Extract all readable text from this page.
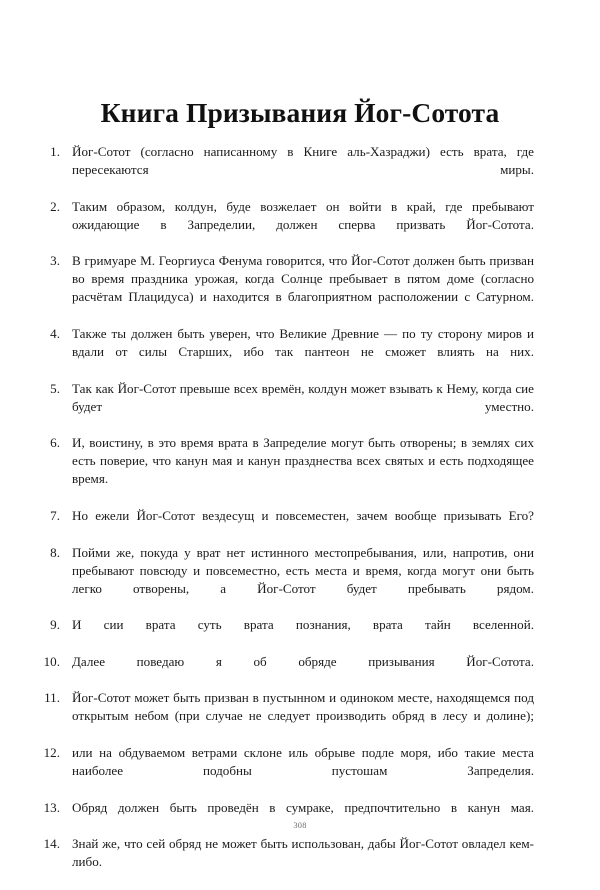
Книга Призывания Йог-Сотота
1. Йог-Сотот (согласно написанному в Книге аль-Хазраджи) есть врата, где пересекаются миры.
2. Таким образом, колдун, буде возжелает он войти в край, где пребывают ожидающие в Запределии, должен сперва призвать Йог-Сотота.
3. В гримуаре М. Георгиуса Фенума говорится, что Йог-Сотот должен быть призван во время праздника урожая, когда Солнце пребывает в пятом доме (согласно расчётам Плацидуса) и находится в благоприятном расположении с Сатурном.
4. Также ты должен быть уверен, что Великие Древние — по ту сторону миров и вдали от силы Старших, ибо так пантеон не сможет влиять на них.
5. Так как Йог-Сотот превыше всех времён, колдун может взывать к Нему, когда сие будет уместно.
6. И, воистину, в это время врата в Запределие могут быть отворены; в землях сих есть поверие, что канун мая и канун празднества всех святых и есть подходящее время.
7. Но ежели Йог-Сотот вездесущ и повсеместен, зачем вообще призывать Его?
8. Пойми же, покуда у врат нет истинного местопребывания, или, напротив, они пребывают повсюду и повсеместно, есть места и время, когда могут они быть легко отворены, а Йог-Сотот будет пребывать рядом.
9. И сии врата суть врата познания, врата тайн вселенной.
10. Далее поведаю я об обряде призывания Йог-Сотота.
11. Йог-Сотот может быть призван в пустынном и одиноком месте, находящемся под открытым небом (при случае не следует производить обряд в лесу и долине);
12. или на обдуваемом ветрами склоне иль обрыве подле моря, ибо такие места наиболее подобны пустошам Запределия.
13. Обряд должен быть проведён в сумраке, предпочтительно в канун мая.
14. Знай же, что сей обряд не может быть использован, дабы Йог-Сотот овладел кем-либо.
308
